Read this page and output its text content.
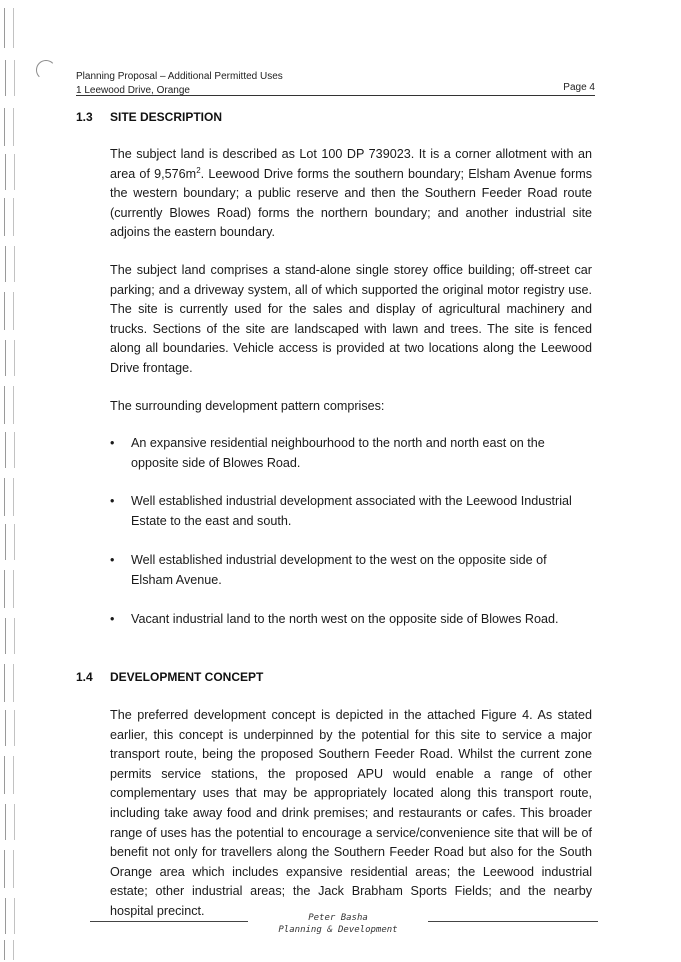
Planning Proposal – Additional Permitted Uses
1 Leewood Drive, Orange	Page 4
1.3 SITE DESCRIPTION
The subject land is described as Lot 100 DP 739023. It is a corner allotment with an area of $9,576m^2$. Leewood Drive forms the southern boundary; Elsham Avenue forms the western boundary; a public reserve and then the Southern Feeder Road route (currently Blowes Road) forms the northern boundary; and another industrial site adjoins the eastern boundary.
The subject land comprises a stand-alone single storey office building; off-street car parking; and a driveway system, all of which supported the original motor registry use. The site is currently used for the sales and display of agricultural machinery and trucks. Sections of the site are landscaped with lawn and trees. The site is fenced along all boundaries. Vehicle access is provided at two locations along the Leewood Drive frontage.
The surrounding development pattern comprises:
•	An expansive residential neighbourhood to the north and north east on the opposite side of Blowes Road.
•	Well established industrial development associated with the Leewood Industrial Estate to the east and south.
•	Well established industrial development to the west on the opposite side of Elsham Avenue.
•	Vacant industrial land to the north west on the opposite side of Blowes Road.
1.4 DEVELOPMENT CONCEPT
The preferred development concept is depicted in the attached Figure 4. As stated earlier, this concept is underpinned by the potential for this site to service a major transport route, being the proposed Southern Feeder Road. Whilst the current zone permits service stations, the proposed APU would enable a range of other complementary uses that may be appropriately located along this transport route, including take away food and drink premises; and restaurants or cafes. This broader range of uses has the potential to encourage a service/convenience site that will be of benefit not only for travellers along the Southern Feeder Road but also for the South Orange area which includes expansive residential areas; the Leewood industrial estate; other industrial areas; the Jack Brabham Sports Fields; and the nearby hospital precinct.
Peter Basha
Planning & Development
